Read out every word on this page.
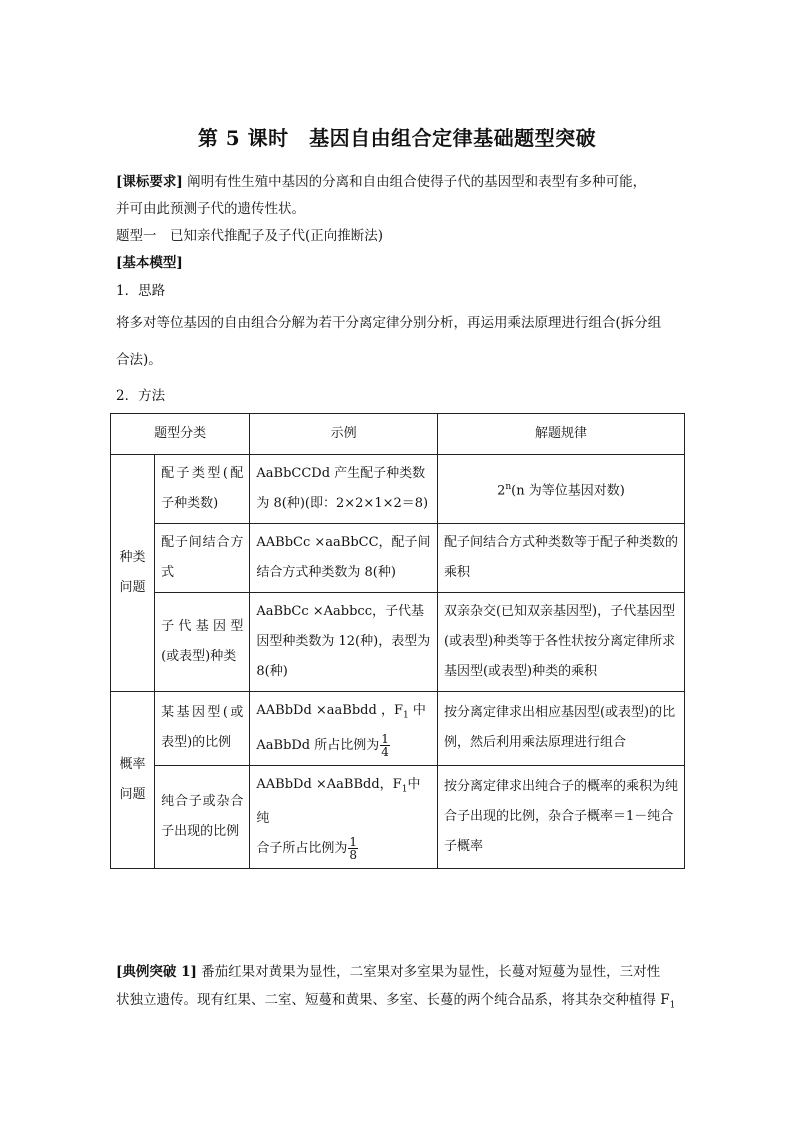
第 5 课时　基因自由组合定律基础题型突破
[课标要求] 阐明有性生殖中基因的分离和自由组合使得子代的基因型和表型有多种可能，
并可由此预测子代的遗传性状。
题型一　已知亲代推配子及子代(正向推断法)
[基本模型]
1．思路
将多对等位基因的自由组合分解为若干分离定律分别分析，再运用乘法原理进行组合(拆分组
合法)。
2．方法
题型分类		示例	解题规律
种类问题	配子类型(配子种类数)	AaBbCCDd 产生配子种类数为 8(种)(即：2×2×1×2＝8)	2$^n$(n 为等位基因对数)
	配子间结合方式	AABbCc ×aaBbCC，配子间结合方式种类数为 8(种)	配子间结合方式种类数等于配子种类数的乘积
	子代基因型(或表型)种类	AaBbCc ×Aabbcc，子代基因型种类数为 12(种)，表型为 8(种)	双亲杂交(已知双亲基因型)，子代基因型(或表型)种类等于各性状按分离定律所求基因型(或表型)种类的乘积
概率问题	某基因型(或表型)的比例	AABbDd ×aaBbdd ，$F_1$ 中
AaBbDd 所占比例为 $\frac{1}{4}$	按分离定律求出相应基因型(或表型)的比例，然后利用乘法原理进行组合
	纯合子或杂合子出现的比例	AABbDd ×AaBBdd，$F_1$中纯
合子所占比例为 $\frac{1}{8}$	按分离定律求出纯合子的概率的乘积为纯合子出现的比例，杂合子概率＝1－纯合子概率
[典例突破 1] 番茄红果对黄果为显性，二室果对多室果为显性，长蔓对短蔓为显性，三对性
状独立遗传。现有红果、二室、短蔓和黄果、多室、长蔓的两个纯合品系，将其杂交种植得 $F_1$
